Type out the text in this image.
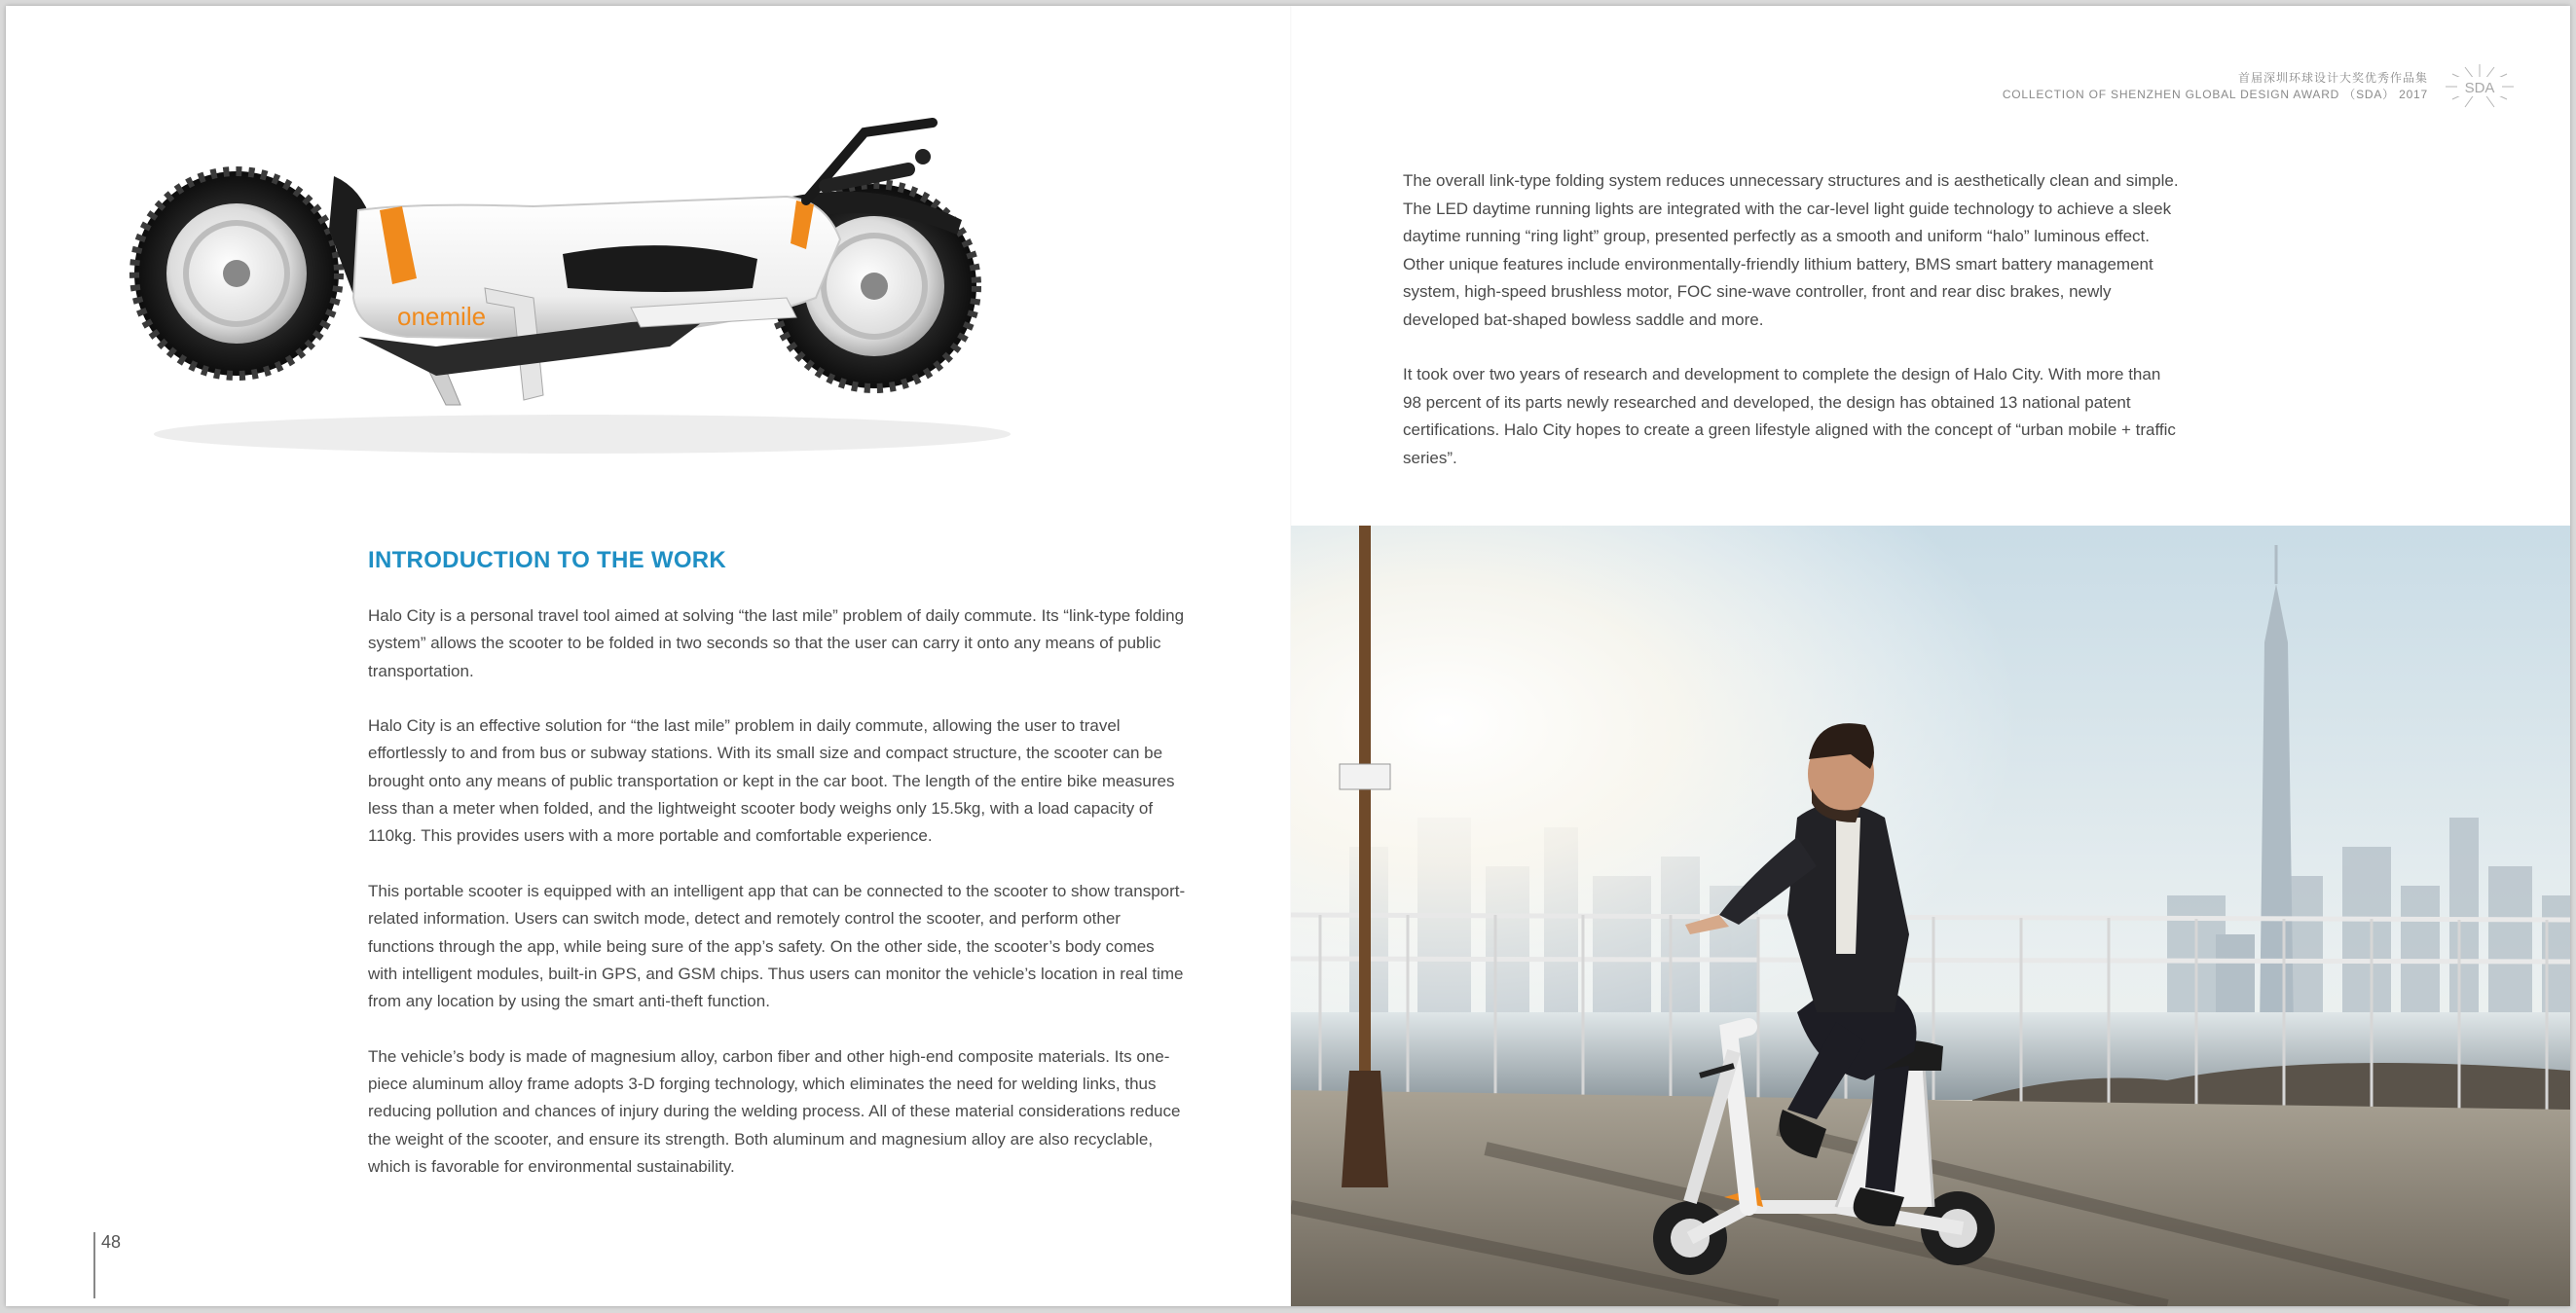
首届深圳环球设计大奖优秀作品集
COLLECTION OF SHENZHEN GLOBAL DESIGN AWARD （SDA） 2017	SDA
onemile

The overall link-type folding system reduces unnecessary structures and is aesthetically clean and simple. The LED daytime running lights are integrated with the car-level light guide technology to achieve a sleek daytime running “ring light” group, presented perfectly as a smooth and uniform “halo” luminous effect. Other unique features include environmentally-friendly lithium battery, BMS smart battery management system, high-speed brushless motor, FOC sine-wave controller, front and rear disc brakes, newly developed bat-shaped bowless saddle and more.

It took over two years of research and development to complete the design of Halo City. With more than 98 percent of its parts newly researched and developed, the design has obtained 13 national patent certifications. Halo City hopes to create a green lifestyle aligned with the concept of “urban mobile + traffic series”.

INTRODUCTION TO THE WORK

Halo City is a personal travel tool aimed at solving “the last mile” problem of daily commute. Its “link-type folding system” allows the scooter to be folded in two seconds so that the user can carry it onto any means of public transportation.

Halo City is an effective solution for “the last mile” problem in daily commute, allowing the user to travel effortlessly to and from bus or subway stations. With its small size and compact structure, the scooter can be brought onto any means of public transportation or kept in the car boot. The length of the entire bike measures less than a meter when folded, and the lightweight scooter body weighs only 15.5kg, with a load capacity of 110kg. This provides users with a more portable and comfortable experience.

This portable scooter is equipped with an intelligent app that can be connected to the scooter to show transport-related information. Users can switch mode, detect and remotely control the scooter, and perform other functions through the app, while being sure of the app’s safety. On the other side, the scooter’s body comes with intelligent modules, built-in GPS, and GSM chips. Thus users can monitor the vehicle’s location in real time from any location by using the smart anti-theft function.

The vehicle’s body is made of magnesium alloy, carbon fiber and other high-end composite materials. Its one-piece aluminum alloy frame adopts 3-D forging technology, which eliminates the need for welding links, thus reducing pollution and chances of injury during the welding process. All of these material considerations reduce the weight of the scooter, and ensure its strength. Both aluminum and magnesium alloy are also recyclable, which is favorable for environmental sustainability.

48
